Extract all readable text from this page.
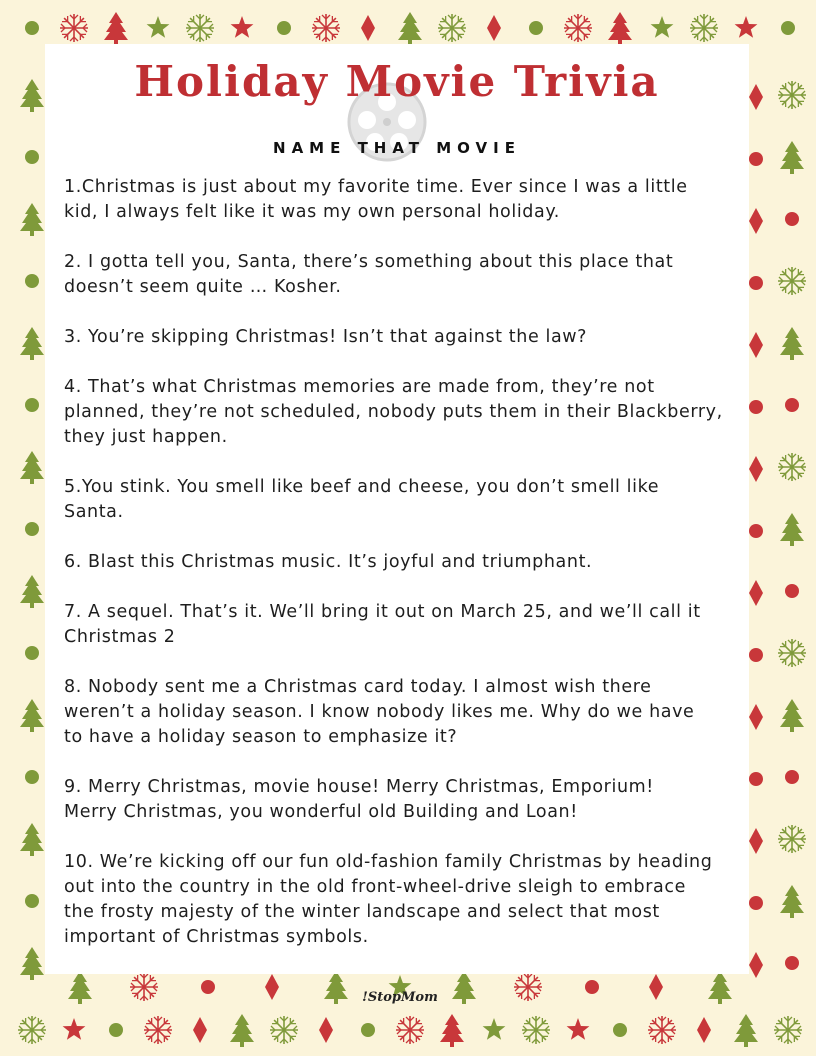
Holiday Movie Trivia
NAME THAT MOVIE

1.Christmas is just about my favorite time. Ever since I was a little
kid, I always felt like it was my own personal holiday.

2. I gotta tell you, Santa, there’s something about this place that
doesn’t seem quite … Kosher.

3. You’re skipping Christmas! Isn’t that against the law?

4. That’s what Christmas memories are made from, they’re not
planned, they’re not scheduled, nobody puts them in their Blackberry,
they just happen.

5.You stink. You smell like beef and cheese, you don’t smell like
Santa.

6. Blast this Christmas music. It’s joyful and triumphant.

7. A sequel. That’s it. We’ll bring it out on March 25, and we’ll call it
Christmas 2

8. Nobody sent me a Christmas card today. I almost wish there
weren’t a holiday season. I know nobody likes me. Why do we have
to have a holiday season to emphasize it?

9. Merry Christmas, movie house! Merry Christmas, Emporium!
Merry Christmas, you wonderful old Building and Loan!

10. We’re kicking off our fun old-fashion family Christmas by heading
out into the country in the old front-wheel-drive sleigh to embrace
the frosty majesty of the winter landscape and select that most
important of Christmas symbols.

!StopMom
